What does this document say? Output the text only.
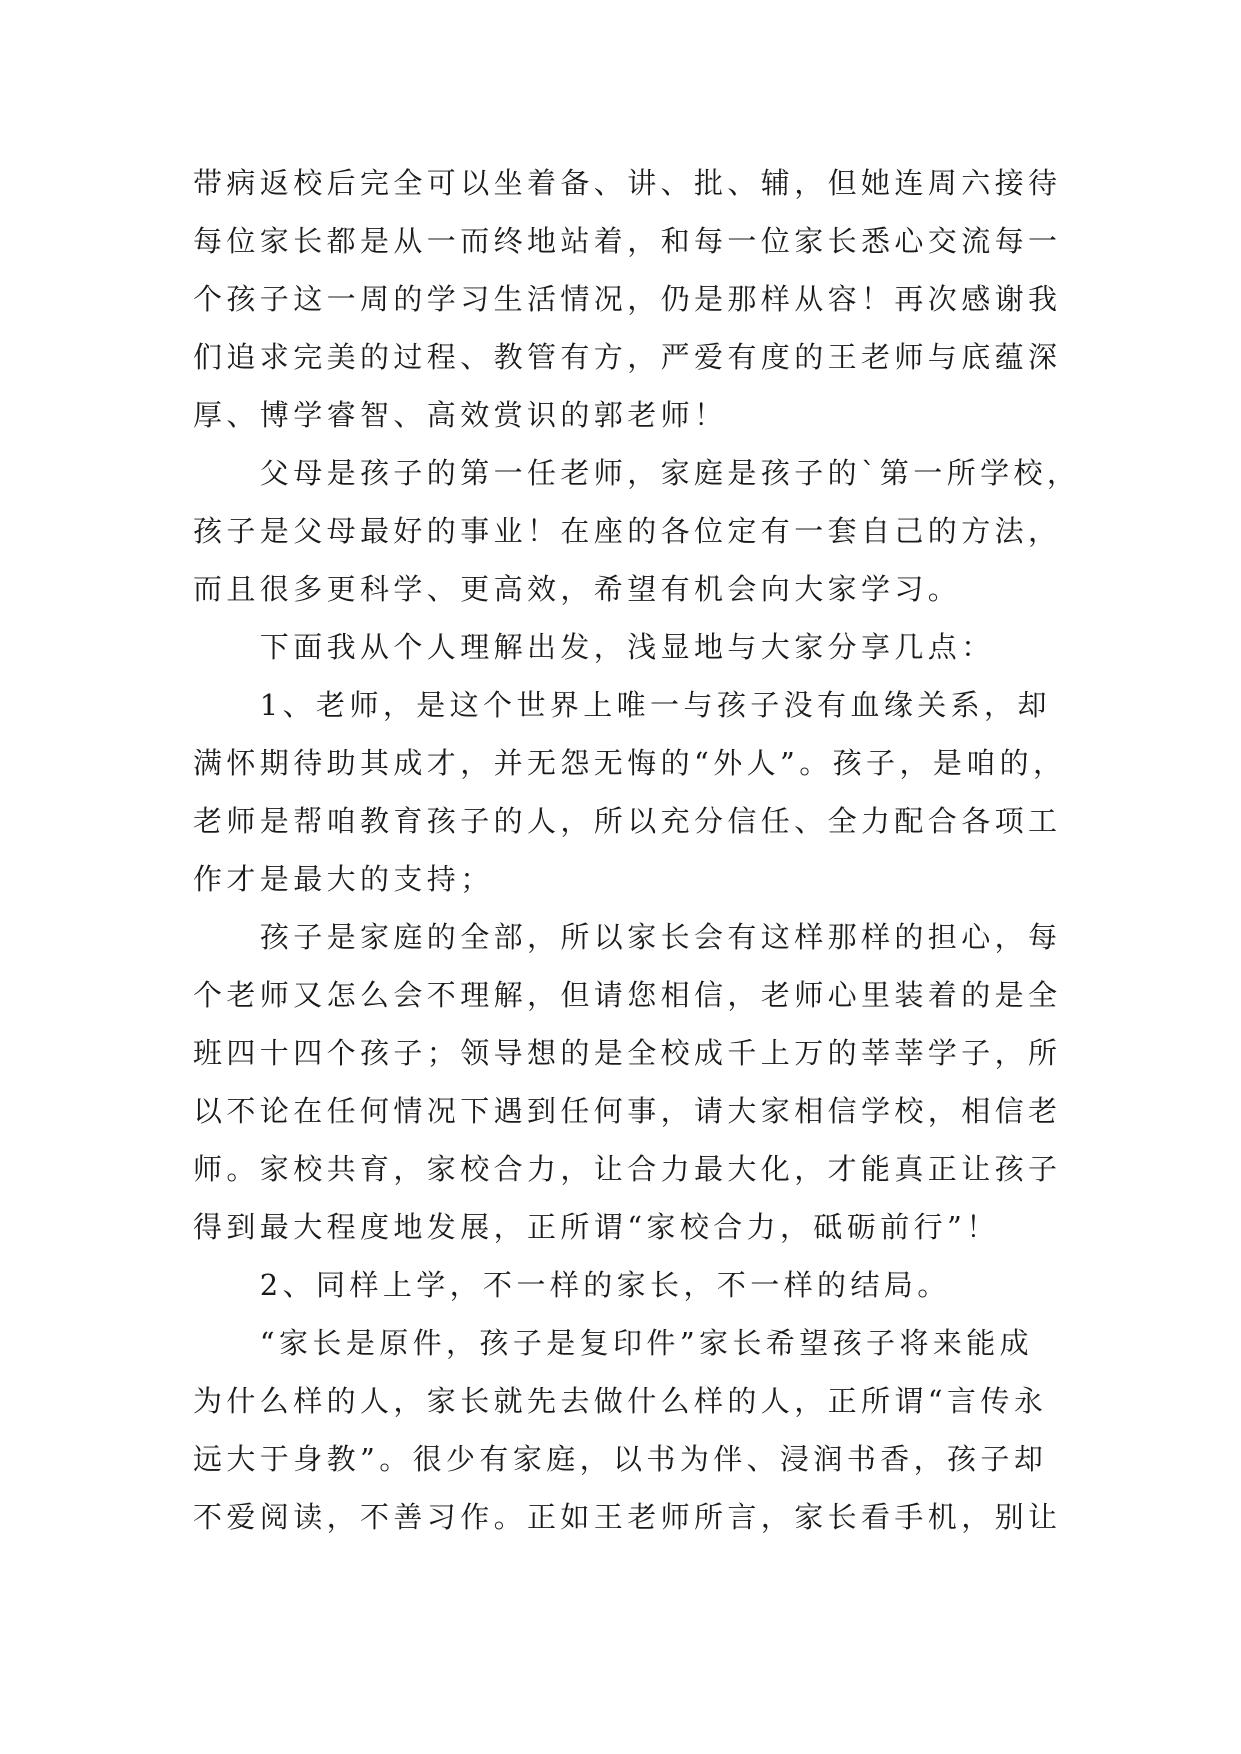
带病返校后完全可以坐着备、讲、批、辅，但她连周六接待
每位家长都是从一而终地站着，和每一位家长悉心交流每一
个孩子这一周的学习生活情况，仍是那样从容！再次感谢我
们追求完美的过程、教管有方，严爱有度的王老师与底蕴深
厚、博学睿智、高效赏识的郭老师！
　　父母是孩子的第一任老师，家庭是孩子的`第一所学校，
孩子是父母最好的事业！在座的各位定有一套自己的方法，
而且很多更科学、更高效，希望有机会向大家学习。
　　下面我从个人理解出发，浅显地与大家分享几点：
　　1、老师，是这个世界上唯一与孩子没有血缘关系，却
满怀期待助其成才，并无怨无悔的“外人”。孩子，是咱的，
老师是帮咱教育孩子的人，所以充分信任、全力配合各项工
作才是最大的支持；
　　孩子是家庭的全部，所以家长会有这样那样的担心，每
个老师又怎么会不理解，但请您相信，老师心里装着的是全
班四十四个孩子；领导想的是全校成千上万的莘莘学子，所
以不论在任何情况下遇到任何事，请大家相信学校，相信老
师。家校共育，家校合力，让合力最大化，才能真正让孩子
得到最大程度地发展，正所谓“家校合力，砥砺前行”！
　　2、同样上学，不一样的家长，不一样的结局。
　　“家长是原件，孩子是复印件”家长希望孩子将来能成
为什么样的人，家长就先去做什么样的人，正所谓“言传永
远大于身教”。很少有家庭，以书为伴、浸润书香，孩子却
不爱阅读，不善习作。正如王老师所言，家长看手机，别让
